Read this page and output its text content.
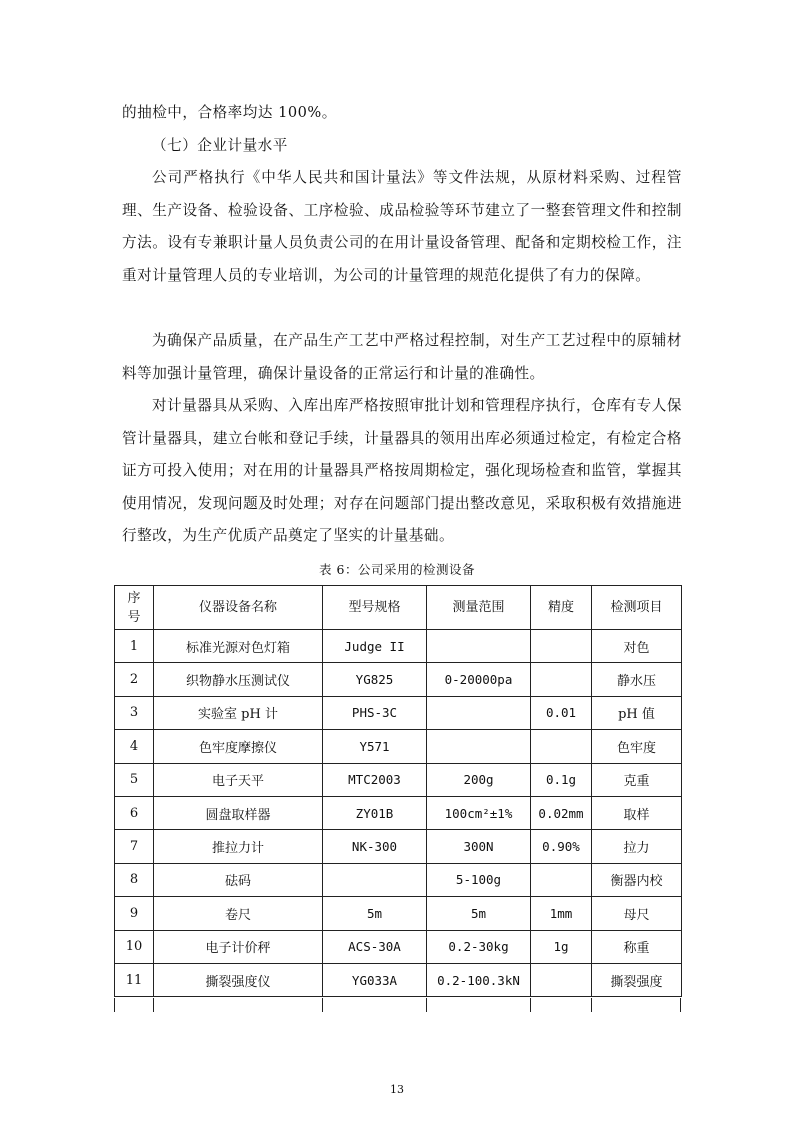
的抽检中，合格率均达 100%。

（七）企业计量水平

公司严格执行《中华人民共和国计量法》等文件法规，从原材料采购、过程管理、生产设备、检验设备、工序检验、成品检验等环节建立了一整套管理文件和控制方法。设有专兼职计量人员负责公司的在用计量设备管理、配备和定期校检工作，注重对计量管理人员的专业培训，为公司的计量管理的规范化提供了有力的保障。

为确保产品质量，在产品生产工艺中严格过程控制，对生产工艺过程中的原辅材料等加强计量管理，确保计量设备的正常运行和计量的准确性。

对计量器具从采购、入库出库严格按照审批计划和管理程序执行，仓库有专人保管计量器具，建立台帐和登记手续，计量器具的领用出库必须通过检定，有检定合格证方可投入使用；对在用的计量器具严格按周期检定，强化现场检查和监管，掌握其使用情况，发现问题及时处理；对存在问题部门提出整改意见，采取积极有效措施进行整改，为生产优质产品奠定了坚实的计量基础。

表 6：公司采用的检测设备
序号	仪器设备名称	型号规格	测量范围	精度	检测项目
1	标准光源对色灯箱	Judge II			对色
2	织物静水压测试仪	YG825	0-20000pa		静水压
3	实验室 pH 计	PHS-3C		0.01	pH 值
4	色牢度摩擦仪	Y571			色牢度
5	电子天平	MTC2003	200g	0.1g	克重
6	圆盘取样器	ZY01B	100cm²±1%	0.02mm	取样
7	推拉力计	NK-300	300N	0.90%	拉力
8	砝码		5-100g		衡器内校
9	卷尺	5m	5m	1mm	母尺
10	电子计价秤	ACS-30A	0.2-30kg	1g	称重
11	撕裂强度仪	YG033A	0.2-100.3kN		撕裂强度
13
